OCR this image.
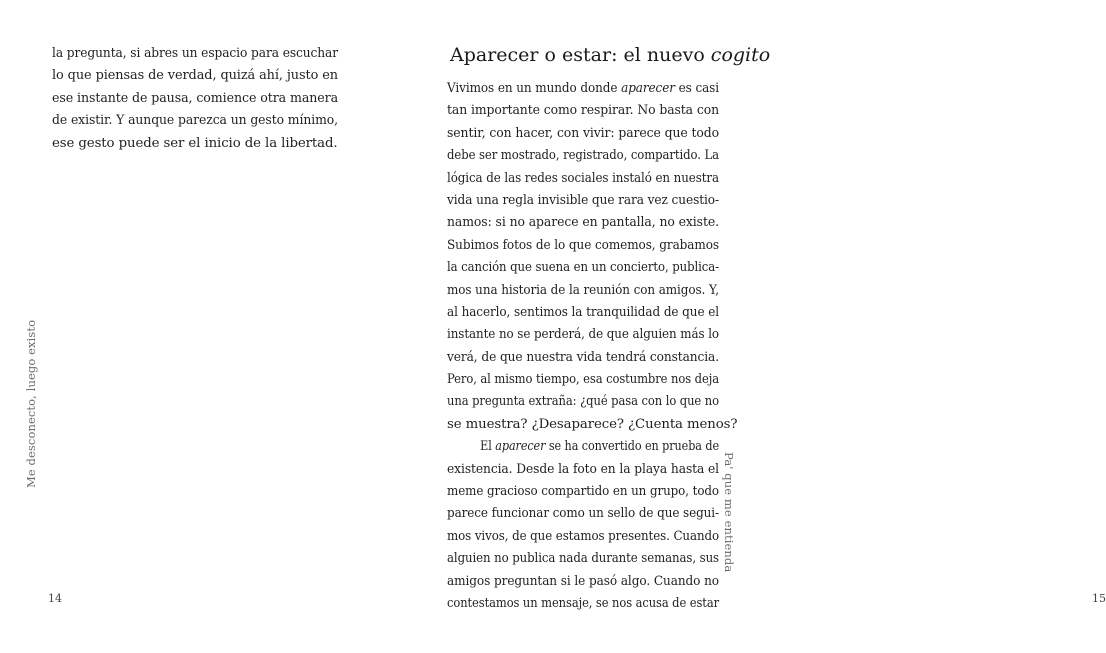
la pregunta, si abres un espacio para escuchar
lo que piensas de verdad, quizá ahí, justo en
ese instante de pausa, comience otra manera
de existir. Y aunque parezca un gesto mínimo,
ese gesto puede ser el inicio de la libertad.
Me desconecto, luego existo
14
Aparecer o estar: el nuevo cogito
Vivimos en un mundo donde aparecer es casi
tan importante como respirar. No basta con
sentir, con hacer, con vivir: parece que todo
debe ser mostrado, registrado, compartido. La
lógica de las redes sociales instaló en nuestra
vida una regla invisible que rara vez cuestio-
namos: si no aparece en pantalla, no existe.
Subimos fotos de lo que comemos, grabamos
la canción que suena en un concierto, publica-
mos una historia de la reunión con amigos. Y,
al hacerlo, sentimos la tranquilidad de que el
instante no se perderá, de que alguien más lo
verá, de que nuestra vida tendrá constancia.
Pero, al mismo tiempo, esa costumbre nos deja
una pregunta extraña: ¿qué pasa con lo que no
se muestra? ¿Desaparece? ¿Cuenta menos?
El aparecer se ha convertido en prueba de
existencia. Desde la foto en la playa hasta el
meme gracioso compartido en un grupo, todo
parece funcionar como un sello de que segui-
mos vivos, de que estamos presentes. Cuando
alguien no publica nada durante semanas, sus
amigos preguntan si le pasó algo. Cuando no
contestamos un mensaje, se nos acusa de estar	15
Pa' que me entienda
